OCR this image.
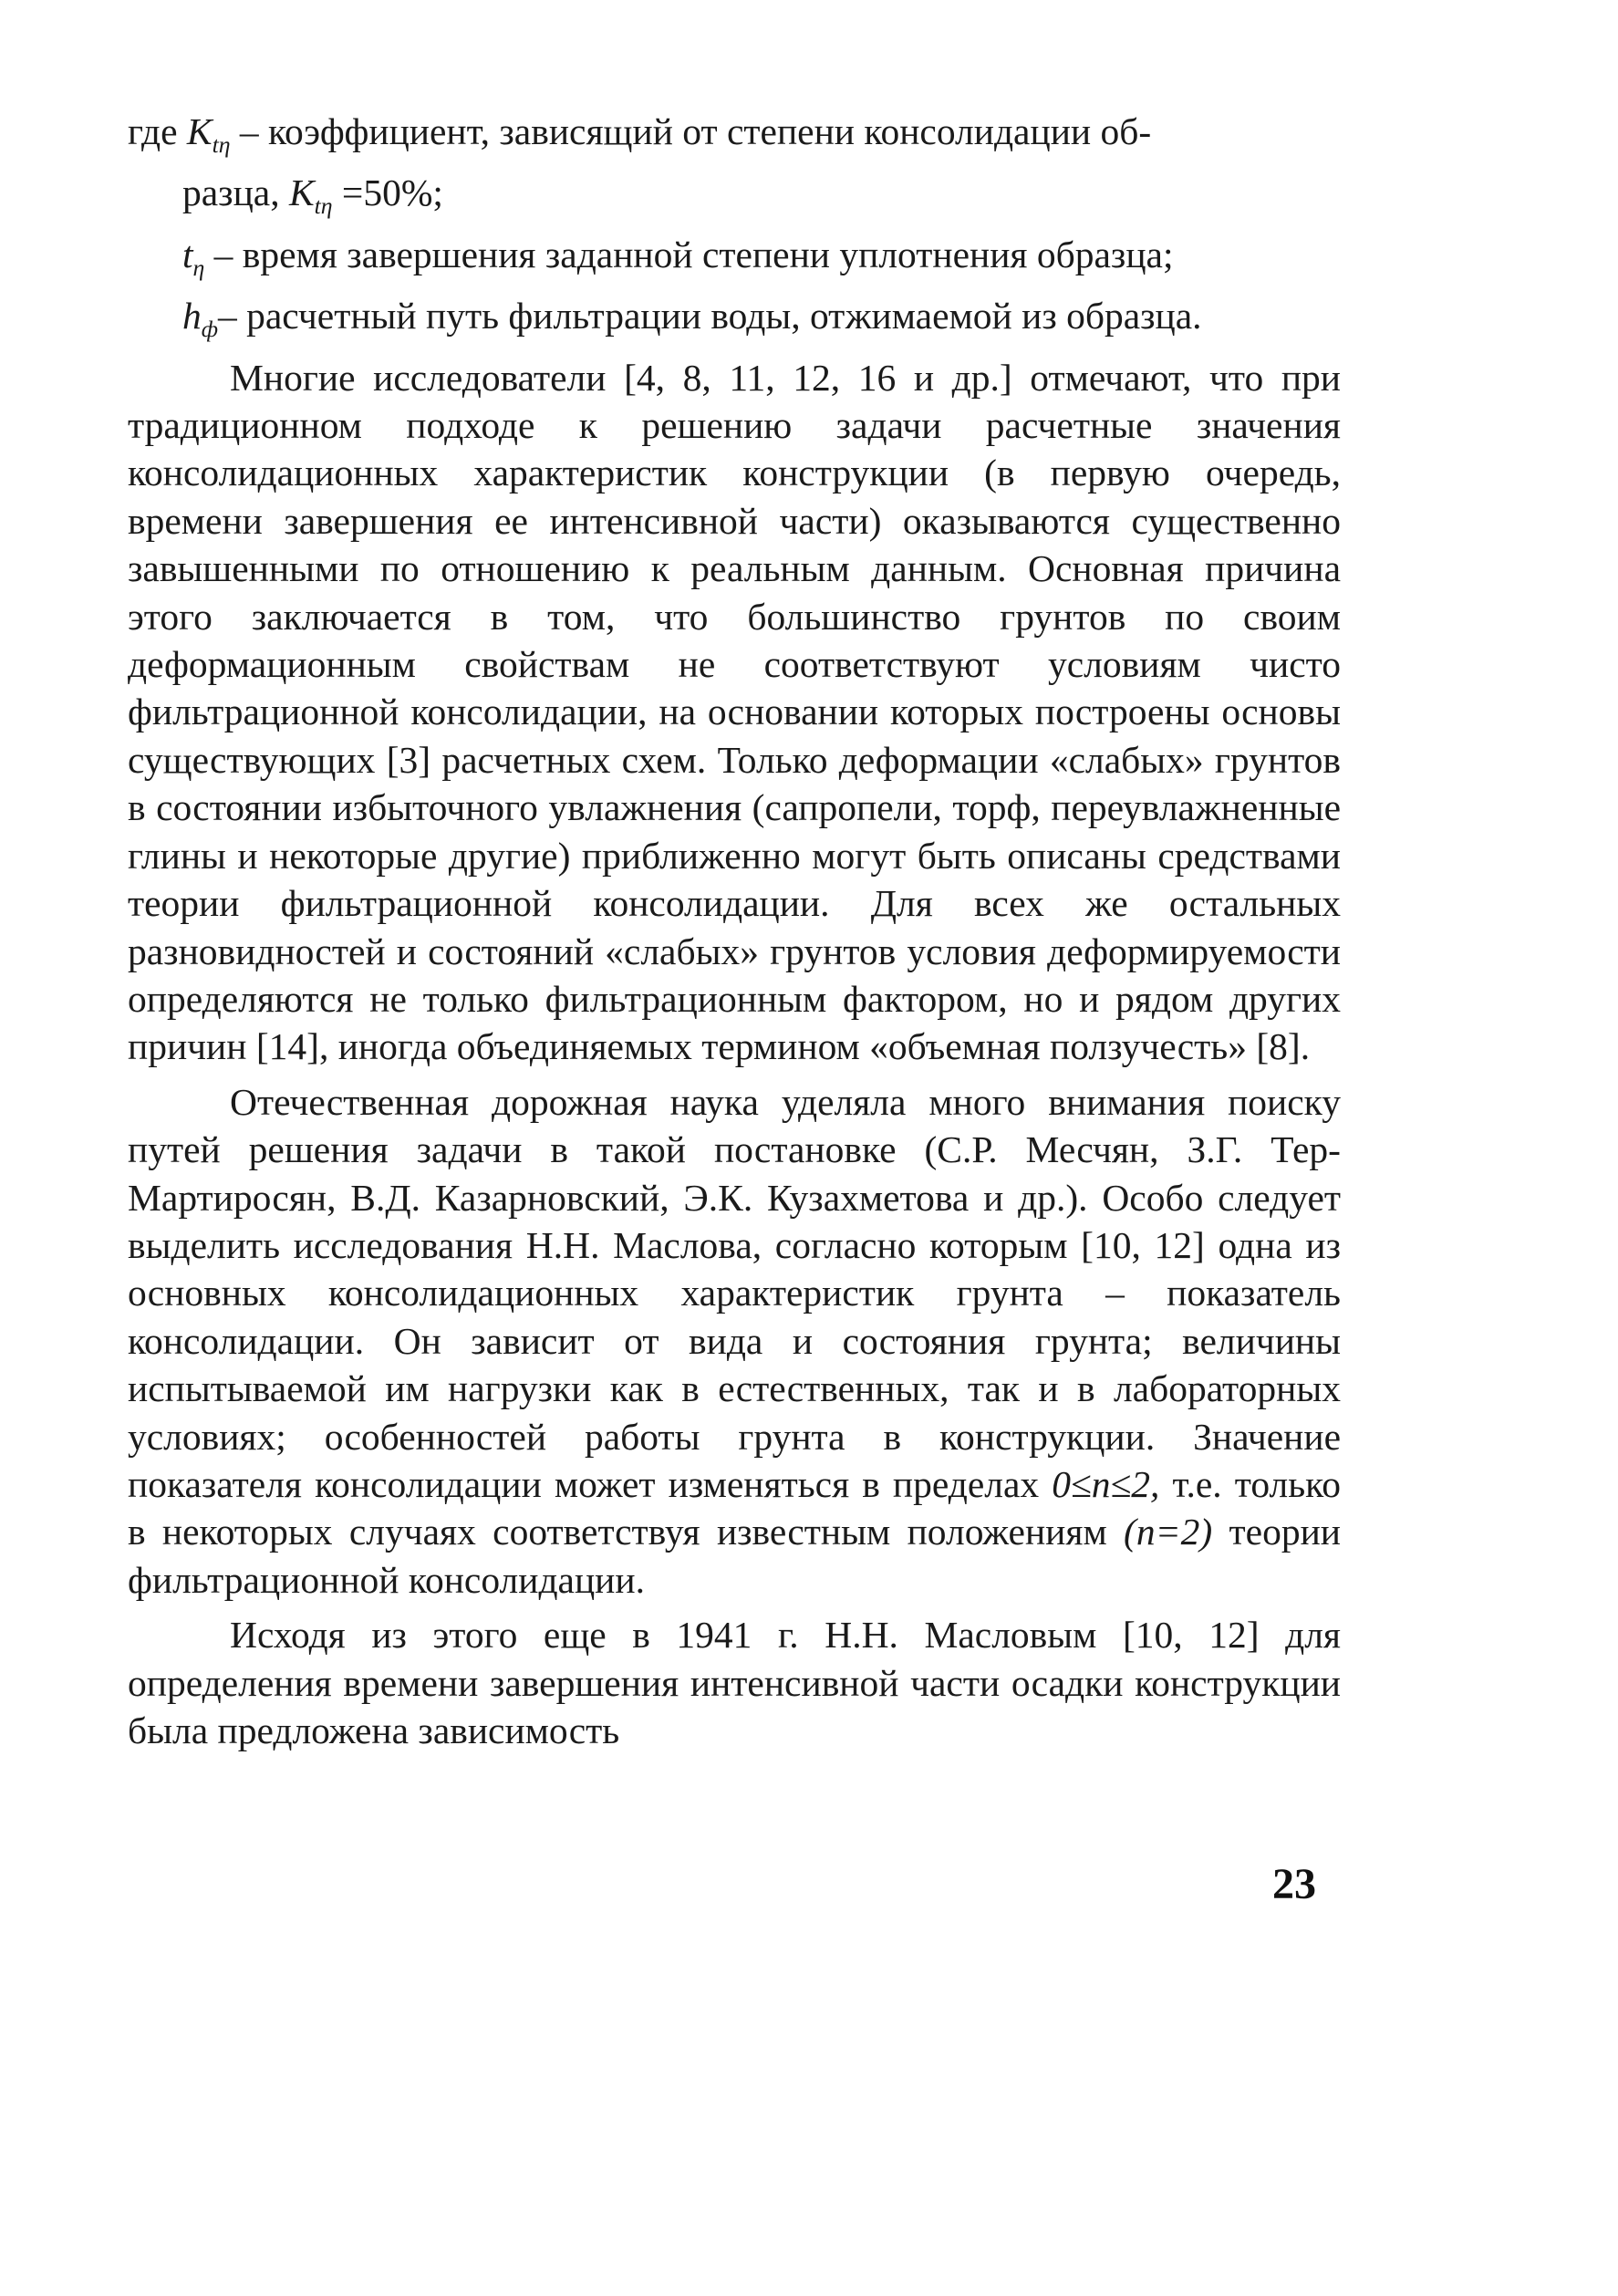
где $K_{t\eta}$ – коэффициент, зависящий от степени консолидации об-

разца, $K_{t\eta} =50\%$;

$t_\eta$ – время завершения заданной степени уплотнения образца;

$h_ф-$ расчетный путь фильтрации воды, отжимаемой из образца.

Многие исследователи [4, 8, 11, 12, 16 и др.] отмечают, что при традиционном подходе к решению задачи расчетные значения консолидационных характеристик конструкции (в первую очередь, времени завершения ее интенсивной части) оказываются существенно завышенными по отношению к реальным данным. Основная причина этого заключается в том, что большинство грунтов по своим деформационным свойствам не соответствуют условиям чисто фильтрационной консолидации, на основании которых построены основы существующих [3] расчетных схем. Только деформации «слабых» грунтов в состоянии избыточного увлажнения (сапропели, торф, переувлажненные глины и некоторые другие) приближенно могут быть описаны средствами теории фильтрационной консолидации. Для всех же остальных разновидностей и состояний «слабых» грунтов условия деформируемости определяются не только фильтрационным фактором, но и рядом других причин [14], иногда объединяемых термином «объемная ползучесть» [8].

Отечественная дорожная наука уделяла много внимания поиску путей решения задачи в такой постановке (С.Р. Месчян, З.Г. Тер-Мартиросян, В.Д. Казарновский, Э.К. Кузахметова и др.). Особо следует выделить исследования Н.Н. Маслова, согласно которым [10, 12] одна из основных консолидационных характеристик грунта – показатель консолидации. Он зависит от вида и состояния грунта; величины испытываемой им нагрузки как в естественных, так и в лабораторных условиях; особенностей работы грунта в конструкции. Значение показателя консолидации может изменяться в пределах 0≤n≤2, т.е. только в некоторых случаях соответствуя известным положениям (n=2) теории фильтрационной консолидации.

Исходя из этого еще в 1941 г. Н.Н. Масловым [10, 12] для определения времени завершения интенсивной части осадки конструкции была предложена зависимость

23
